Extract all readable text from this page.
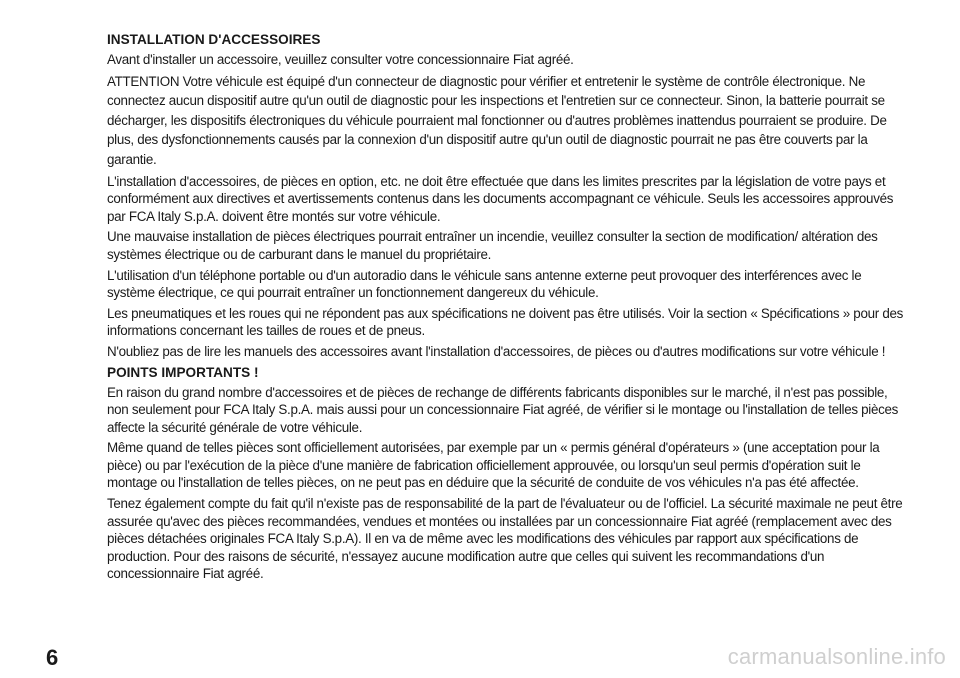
INSTALLATION D'ACCESSOIRES

Avant d'installer un accessoire, veuillez consulter votre concessionnaire Fiat agréé.

ATTENTION Votre véhicule est équipé d'un connecteur de diagnostic pour vérifier et entretenir le système de contrôle électronique. Ne connectez aucun dispositif autre qu'un outil de diagnostic pour les inspections et l'entretien sur ce connecteur. Sinon, la batterie pourrait se décharger, les dispositifs électroniques du véhicule pourraient mal fonctionner ou d'autres problèmes inattendus pourraient se produire. De plus, des dysfonctionnements causés par la connexion d'un dispositif autre qu'un outil de diagnostic pourrait ne pas être couverts par la garantie.

L'installation d'accessoires, de pièces en option, etc. ne doit être effectuée que dans les limites prescrites par la législation de votre pays et conformément aux directives et avertissements contenus dans les documents accompagnant ce véhicule. Seuls les accessoires approuvés par FCA Italy S.p.A. doivent être montés sur votre véhicule.

Une mauvaise installation de pièces électriques pourrait entraîner un incendie, veuillez consulter la section de modification/ altération des systèmes électrique ou de carburant dans le manuel du propriétaire.

L'utilisation d'un téléphone portable ou d'un autoradio dans le véhicule sans antenne externe peut provoquer des interférences avec le système électrique, ce qui pourrait entraîner un fonctionnement dangereux du véhicule.

Les pneumatiques et les roues qui ne répondent pas aux spécifications ne doivent pas être utilisés. Voir la section « Spécifications » pour des informations concernant les tailles de roues et de pneus.

N'oubliez pas de lire les manuels des accessoires avant l'installation d'accessoires, de pièces ou d'autres modifications sur votre véhicule !

POINTS IMPORTANTS !

En raison du grand nombre d'accessoires et de pièces de rechange de différents fabricants disponibles sur le marché, il n'est pas possible, non seulement pour FCA Italy S.p.A. mais aussi pour un concessionnaire Fiat agréé, de vérifier si le montage ou l'installation de telles pièces affecte la sécurité générale de votre véhicule.

Même quand de telles pièces sont officiellement autorisées, par exemple par un « permis général d'opérateurs » (une acceptation pour la pièce) ou par l'exécution de la pièce d'une manière de fabrication officiellement approuvée, ou lorsqu'un seul permis d'opération suit le montage ou l'installation de telles pièces, on ne peut pas en déduire que la sécurité de conduite de vos véhicules n'a pas été affectée.

Tenez également compte du fait qu'il n'existe pas de responsabilité de la part de l'évaluateur ou de l'officiel. La sécurité maximale ne peut être assurée qu'avec des pièces recommandées, vendues et montées ou installées par un concessionnaire Fiat agréé (remplacement avec des pièces détachées originales FCA Italy S.p.A). Il en va de même avec les modifications des véhicules par rapport aux spécifications de production. Pour des raisons de sécurité, n'essayez aucune modification autre que celles qui suivent les recommandations d'un concessionnaire Fiat agréé.

6	carmanualsonline.info
